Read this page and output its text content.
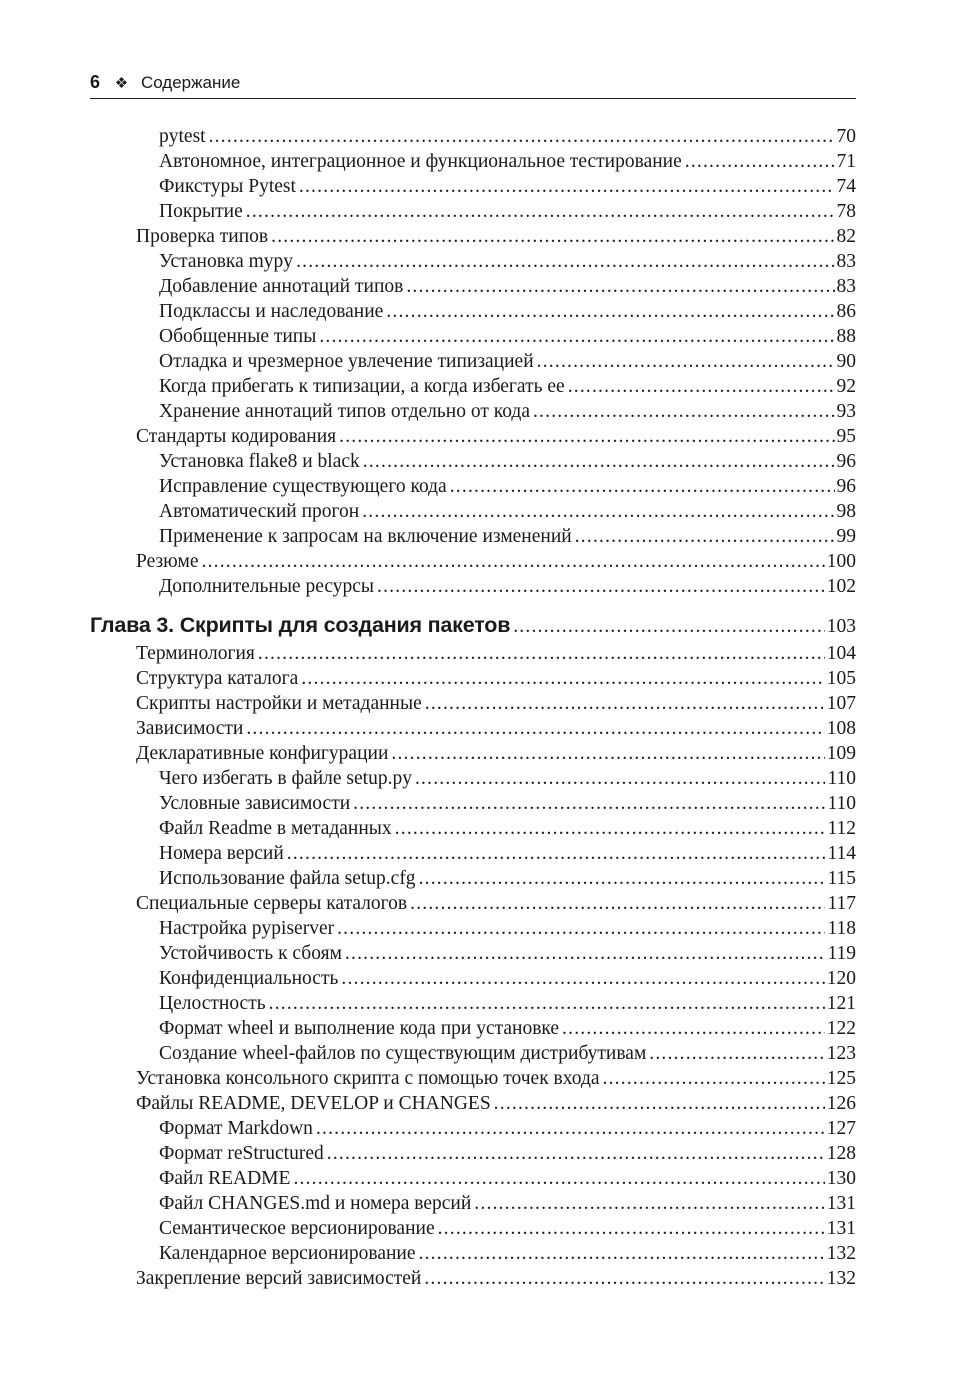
6 ❖ Содержание
pytest .....	70
Автономное, интеграционное и функциональное тестирование .....	71
Фикстуры Pytest .....	74
Покрытие .....	78
Проверка типов .....	82
Установка mypy .....	83
Добавление аннотаций типов .....	83
Подклассы и наследование .....	86
Обобщенные типы .....	88
Отладка и чрезмерное увлечение типизацией .....	90
Когда прибегать к типизации, а когда избегать ее .....	92
Хранение аннотаций типов отдельно от кода .....	93
Стандарты кодирования .....	95
Установка flake8 и black .....	96
Исправление существующего кода .....	96
Автоматический прогон .....	98
Применение к запросам на включение изменений .....	99
Резюме .....	100
Дополнительные ресурсы .....	102
Глава 3. Скрипты для создания пакетов .....	103
Терминология .....	104
Структура каталога .....	105
Скрипты настройки и метаданные .....	107
Зависимости .....	108
Декларативные конфигурации .....	109
Чего избегать в файле setup.py .....	110
Условные зависимости .....	110
Файл Readme в метаданных .....	112
Номера версий .....	114
Использование файла setup.cfg .....	115
Специальные серверы каталогов .....	117
Настройка pypiserver .....	118
Устойчивость к сбоям .....	119
Конфиденциальность .....	120
Целостность .....	121
Формат wheel и выполнение кода при установке .....	122
Создание wheel-файлов по существующим дистрибутивам .....	123
Установка консольного скрипта с помощью точек входа .....	125
Файлы README, DEVELOP и CHANGES .....	126
Формат Markdown .....	127
Формат reStructured .....	128
Файл README .....	130
Файл CHANGES.md и номера версий .....	131
Семантическое версионирование .....	131
Календарное версионирование .....	132
Закрепление версий зависимостей .....	132
